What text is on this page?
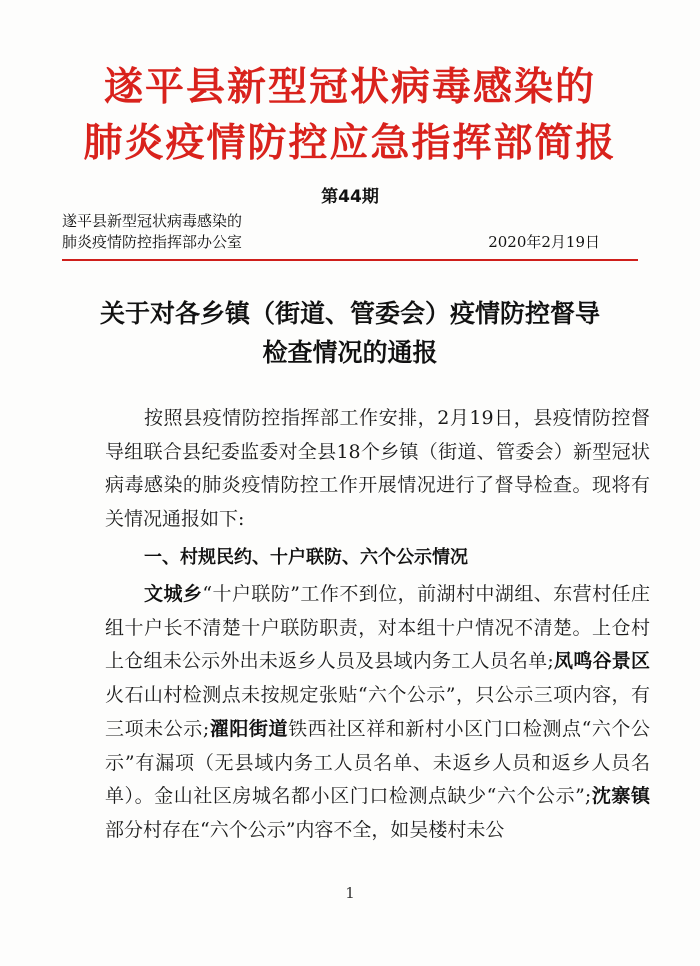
遂平县新型冠状病毒感染的
肺炎疫情防控应急指挥部简报
第44期
遂平县新型冠状病毒感染的
肺炎疫情防控指挥部办公室	2020年2月19日
关于对各乡镇（街道、管委会）疫情防控督导
检查情况的通报
按照县疫情防控指挥部工作安排，2月19日，县疫情防控督导组联合县纪委监委对全县18个乡镇（街道、管委会）新型冠状病毒感染的肺炎疫情防控工作开展情况进行了督导检查。现将有关情况通报如下:
一、村规民约、十户联防、六个公示情况
文城乡“十户联防”工作不到位，前湖村中湖组、东营村任庄组十户长不清楚十户联防职责，对本组十户情况不清楚。上仓村上仓组未公示外出未返乡人员及县域内务工人员名单;凤鸣谷景区火石山村检测点未按规定张贴“六个公示”，只公示三项内容，有三项未公示;濯阳街道铁西社区祥和新村小区门口检测点“六个公示”有漏项（无县域内务工人员名单、未返乡人员和返乡人员名单）。金山社区房城名都小区门口检测点缺少“六个公示”;沈寨镇部分村存在“六个公示”内容不全，如吴楼村未公
1
